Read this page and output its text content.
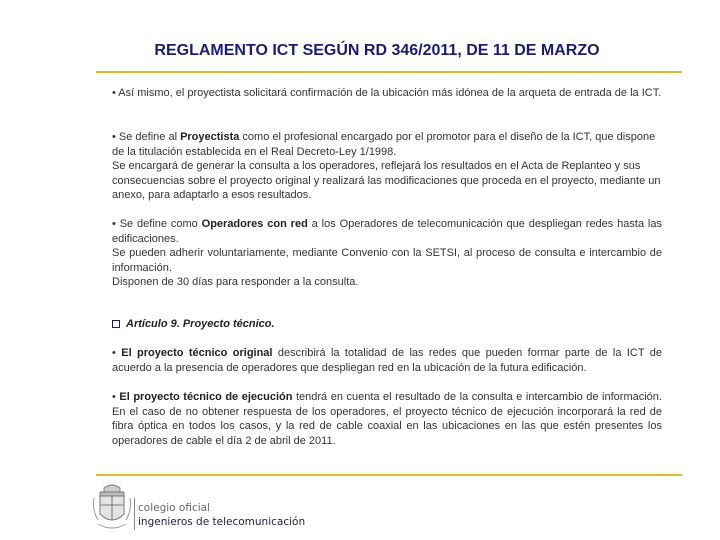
REGLAMENTO ICT SEGÚN RD 346/2011, DE 11 DE MARZO
• Así mismo, el proyectista solicitará confirmación de la ubicación más idónea de la arqueta de entrada de la ICT.
• Se define al Proyectista como el profesional encargado por el promotor para el diseño de la ICT, que dispone de la titulación establecida en el Real Decreto-Ley 1/1998.
Se encargará de generar la consulta a los operadores, reflejará los resultados en el Acta de Replanteo y sus consecuencias sobre el proyecto original y realizará las modificaciones que proceda en el proyecto, mediante un anexo, para adaptarlo a esos resultados.
• Se define como Operadores con red a los Operadores de telecomunicación que despliegan redes hasta las edificaciones.
Se pueden adherir voluntariamente, mediante Convenio con la SETSI, al proceso de consulta e intercambio de información.
Disponen de 30 días para responder a la consulta.
Artículo 9. Proyecto técnico.
• El proyecto técnico original describirá la totalidad de las redes que pueden formar parte de la ICT de acuerdo a la presencia de operadores que despliegan red en la ubicación de la futura edificación.
• El proyecto técnico de ejecución tendrá en cuenta el resultado de la consulta e intercambio de información. En el caso de no obtener respuesta de los operadores, el proyecto técnico de ejecución incorporará la red de fibra óptica en todos los casos, y la red de cable coaxial en las ubicaciones en las que estén presentes los operadores de cable el día 2 de abril de 2011.
colegio oficial
ingenieros de telecomunicación
